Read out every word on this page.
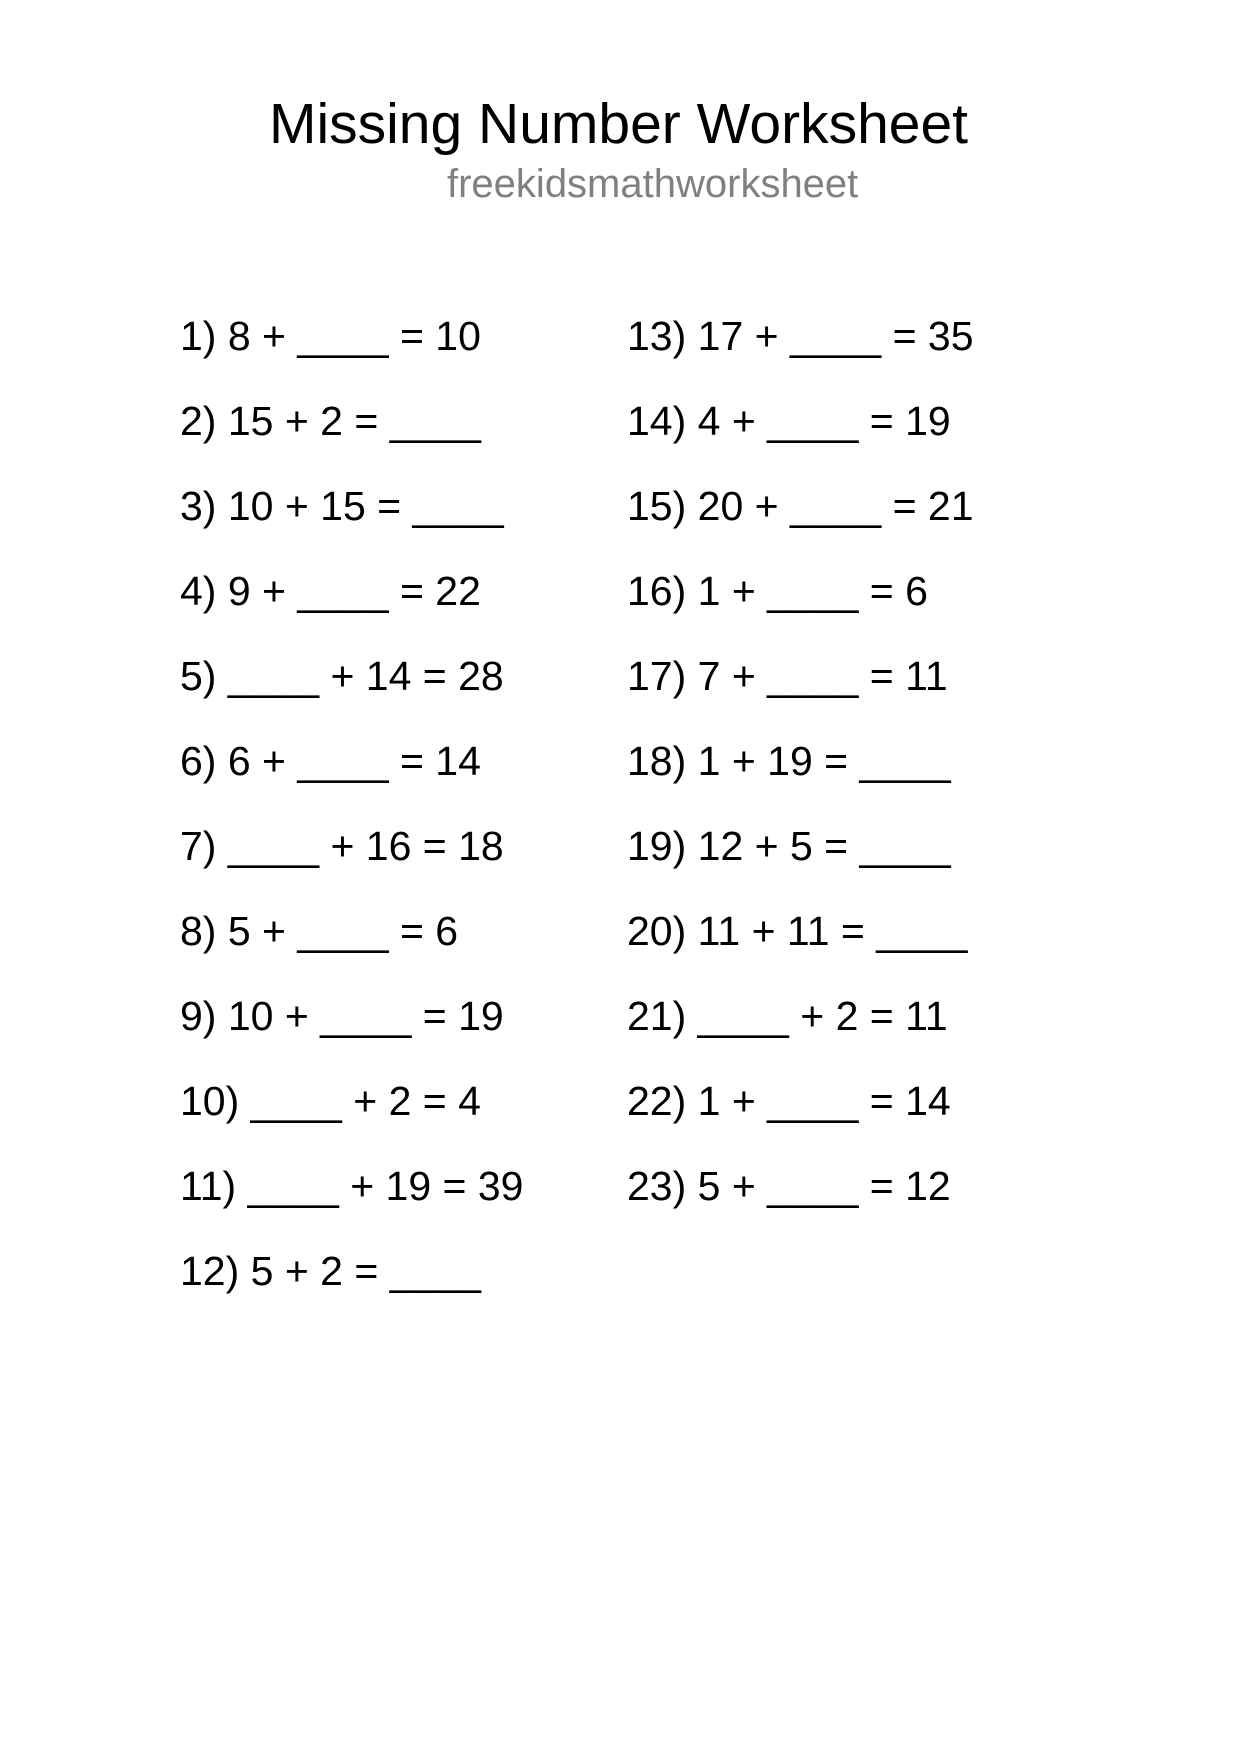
Missing Number Worksheet
freekidsmathworksheet
1) 8 + ____ = 10
2) 15 + 2 = ____
3) 10 + 15 = ____
4) 9 + ____ = 22
5) ____ + 14 = 28
6) 6 + ____ = 14
7) ____ + 16 = 18
8) 5 + ____ = 6
9) 10 + ____ = 19
10) ____ + 2 = 4
11) ____ + 19 = 39
12) 5 + 2 = ____
13) 17 + ____ = 35
14) 4 + ____ = 19
15) 20 + ____ = 21
16) 1 + ____ = 6
17) 7 + ____ = 11
18) 1 + 19 = ____
19) 12 + 5 = ____
20) 11 + 11 = ____
21) ____ + 2 = 11
22) 1 + ____ = 14
23) 5 + ____ = 12
